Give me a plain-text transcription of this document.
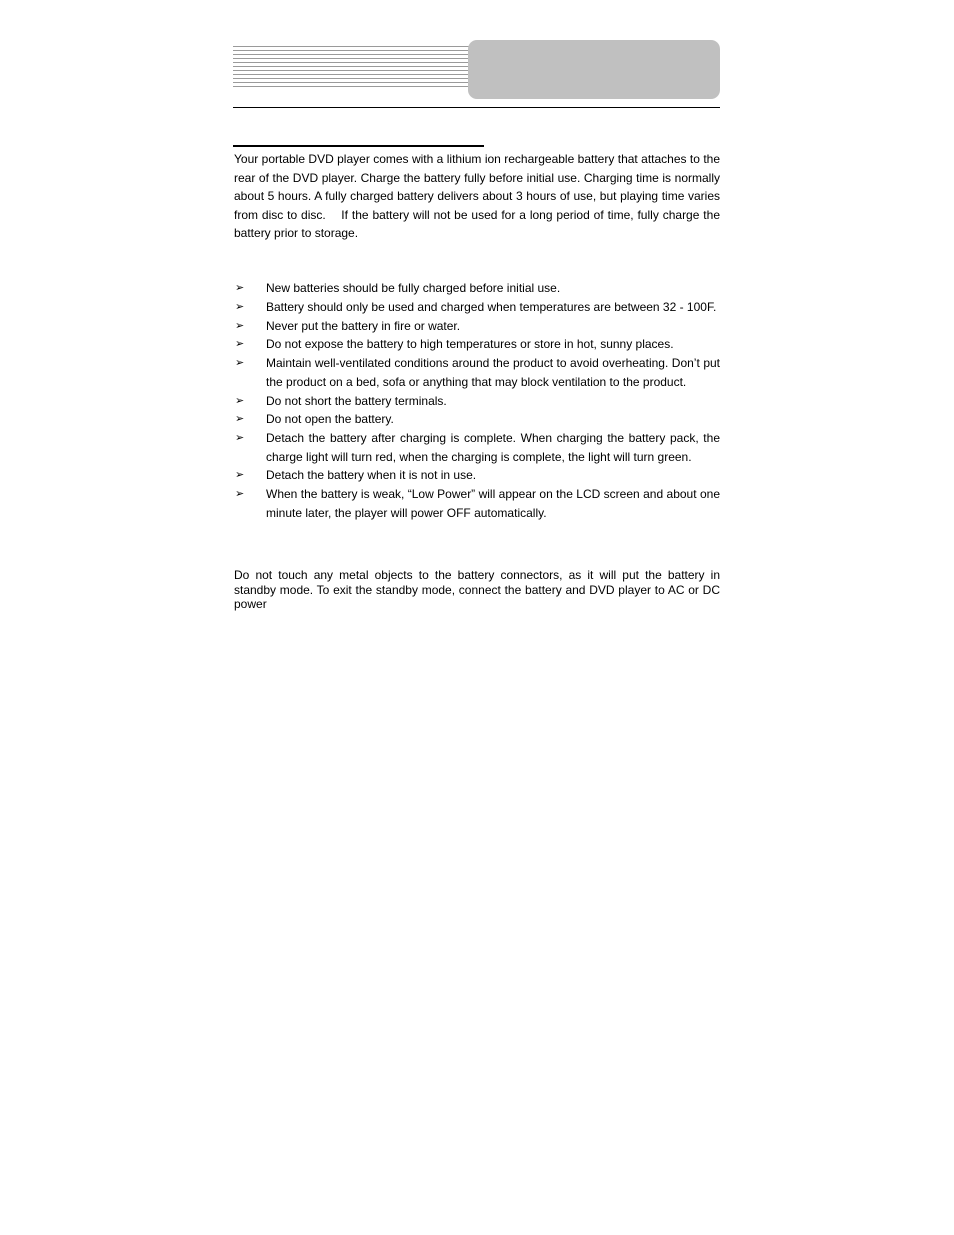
Your portable DVD player comes with a lithium ion rechargeable battery that attaches to the rear of the DVD player. Charge the battery fully before initial use. Charging time is normally about 5 hours. A fully charged battery delivers about 3 hours of use, but playing time varies from disc to disc.    If the battery will not be used for a long period of time, fully charge the battery prior to storage.

➢ New batteries should be fully charged before initial use.
➢ Battery should only be used and charged when temperatures are between 32 - 100F.
➢ Never put the battery in fire or water.
➢ Do not expose the battery to high temperatures or store in hot, sunny places.
➢ Maintain well-ventilated conditions around the product to avoid overheating. Don’t put the product on a bed, sofa or anything that may block ventilation to the product.
➢ Do not short the battery terminals.
➢ Do not open the battery.
➢ Detach the battery after charging is complete. When charging the battery pack, the charge light will turn red, when the charging is complete, the light will turn green.
➢ Detach the battery when it is not in use.
➢ When the battery is weak, “Low Power” will appear on the LCD screen and about one minute later, the player will power OFF automatically.

Do not touch any metal objects to the battery connectors, as it will put the battery in standby mode. To exit the standby mode, connect the battery and DVD player to AC or DC power
